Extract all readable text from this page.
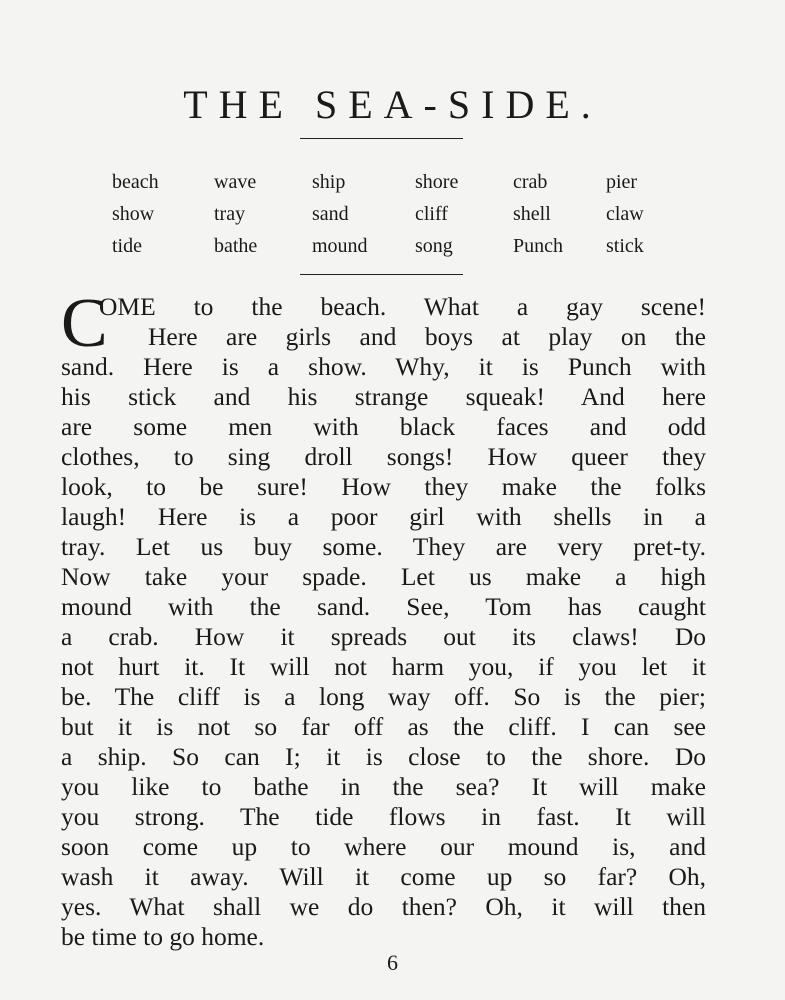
THE SEA-SIDE.
beach	wave	ship	shore	crab	pier
show	tray	sand	cliff	shell	claw
tide	bathe	mound	song	Punch	stick
C
OME to the beach. What a gay scene!
Here are girls and boys at play on the
sand. Here is a show. Why, it is Punch with
his stick and his strange squeak! And here
are some men with black faces and odd
clothes, to sing droll songs! How queer they
look, to be sure! How they make the folks
laugh! Here is a poor girl with shells in a
tray. Let us buy some. They are very pret-ty.
Now take your spade. Let us make a high
mound with the sand. See, Tom has caught
a crab. How it spreads out its claws! Do
not hurt it. It will not harm you, if you let it
be. The cliff is a long way off. So is the pier;
but it is not so far off as the cliff. I can see
a ship. So can I; it is close to the shore. Do
you like to bathe in the sea? It will make
you strong. The tide flows in fast. It will
soon come up to where our mound is, and
wash it away. Will it come up so far? Oh,
yes. What shall we do then? Oh, it will then
be time to go home.
6
